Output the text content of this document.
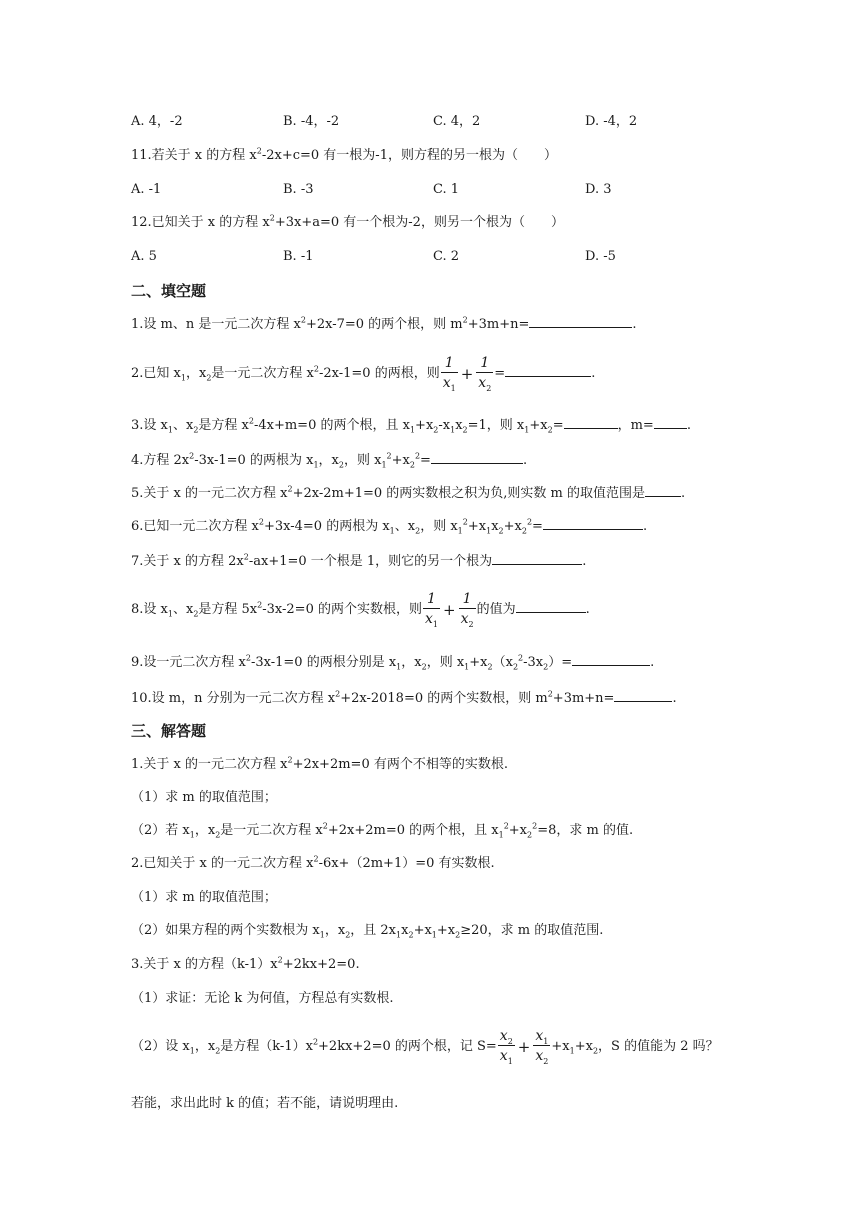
A. 4，-2	B. -4，-2	C. 4，2	D. -4，2
11.若关于 x 的方程 $x^2-2x+c=0$ 有一根为-1，则方程的另一根为（　　）
A. -1	B. -3	C. 1	D. 3
12.已知关于 x 的方程 $x^2+3x+a=0$ 有一个根为-2，则另一个根为（　　）
A. 5	B. -1	C. 2	D. -5
二、填空题
1.设 m、n 是一元二次方程 $x^2+2x-7=0$ 的两个根，则 $m^2+3m+n=$	.
2.已知 $x_1$，$x_2$是一元二次方程 $x^2-2x-1=0$ 的两根，则 $\frac{1}{x_1} + \frac{1}{x_2}$ =	.
3.设 $x_1$、$x_2$是方程 $x^2-4x+m=0$ 的两个根，且 $x_1+x_2-x_1x_2=1$，则 $x_1+x_2=$	，m=	.
4.方程 $2x^2-3x-1=0$ 的两根为 $x_1$，$x_2$，则 $x_1^2+x_2^2=$	.
5.关于 x 的一元二次方程 $x^2+2x-2m+1=0$ 的两实数根之积为负,则实数 m 的取值范围是	.
6.已知一元二次方程 $x^2+3x-4=0$ 的两根为 $x_1$、$x_2$，则 $x_1^2+x_1x_2+x_2^2=$	.
7.关于 x 的方程 $2x^2-ax+1=0$ 一个根是 1，则它的另一个根为	.
8.设 $x_1$、$x_2$是方程 $5x^2-3x-2=0$ 的两个实数根，则 $\frac{1}{x_1} + \frac{1}{x_2}$ 的值为	.
9.设一元二次方程 $x^2-3x-1=0$ 的两根分别是 $x_1$，$x_2$，则 $x_1+x_2(x_2^2-3x_2)=$	.
10.设 m，n 分别为一元二次方程 $x^2+2x-2018=0$ 的两个实数根，则 $m^2+3m+n=$	.
三、解答题
1.关于 x 的一元二次方程 $x^2+2x+2m=0$ 有两个不相等的实数根.
（1）求 m 的取值范围；
（2）若 $x_1$，$x_2$是一元二次方程 $x^2+2x+2m=0$ 的两个根，且 $x_1^2+x_2^2=8$，求 m 的值.
2.已知关于 x 的一元二次方程 $x^2-6x+(2m+1)=0$ 有实数根.
（1）求 m 的取值范围；
（2）如果方程的两个实数根为 $x_1$，$x_2$，且 $2x_1x_2+x_1+x_2\ge 20$，求 m 的取值范围.
3.关于 x 的方程$(k-1)x^2+2kx+2=0$.
（1）求证：无论 k 为何值，方程总有实数根.
（2）设 $x_1$，$x_2$是方程$(k-1)x^2+2kx+2=0$ 的两个根，记 $S= \frac{x_2}{x_1} + \frac{x_1}{x_2} +x_1+x_2$，S 的值能为 2 吗？
若能，求出此时 k 的值；若不能，请说明理由.
